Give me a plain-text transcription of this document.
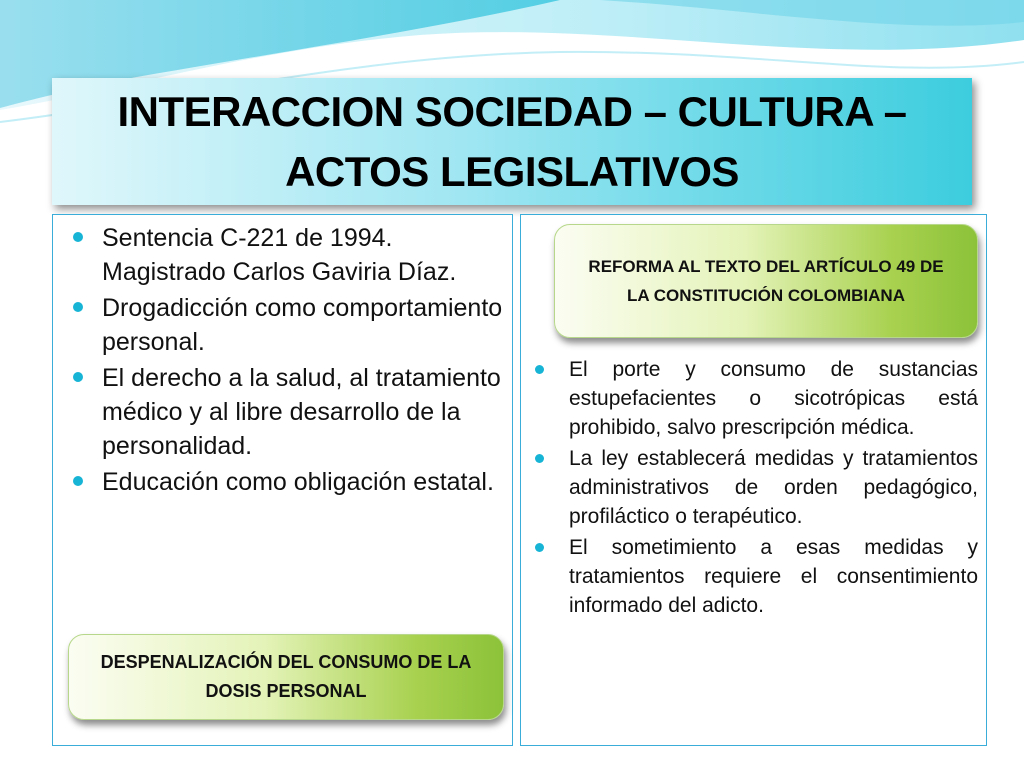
INTERACCION SOCIEDAD – CULTURA – ACTOS LEGISLATIVOS
Sentencia C-221 de 1994. Magistrado Carlos Gaviria Díaz.
Drogadicción como comportamiento personal.
El derecho a la salud, al tratamiento médico y al libre desarrollo de la personalidad.
Educación como obligación estatal.
El porte y consumo de sustancias estupefacientes o sicotrópicas está prohibido, salvo prescripción médica.
La ley establecerá medidas y tratamientos administrativos de orden pedagógico, profiláctico o terapéutico.
El sometimiento a esas medidas y tratamientos requiere el consentimiento informado del adicto.
REFORMA AL TEXTO DEL ARTÍCULO 49 DE LA CONSTITUCIÓN COLOMBIANA
DESPENALIZACIÓN DEL CONSUMO DE LA DOSIS PERSONAL
